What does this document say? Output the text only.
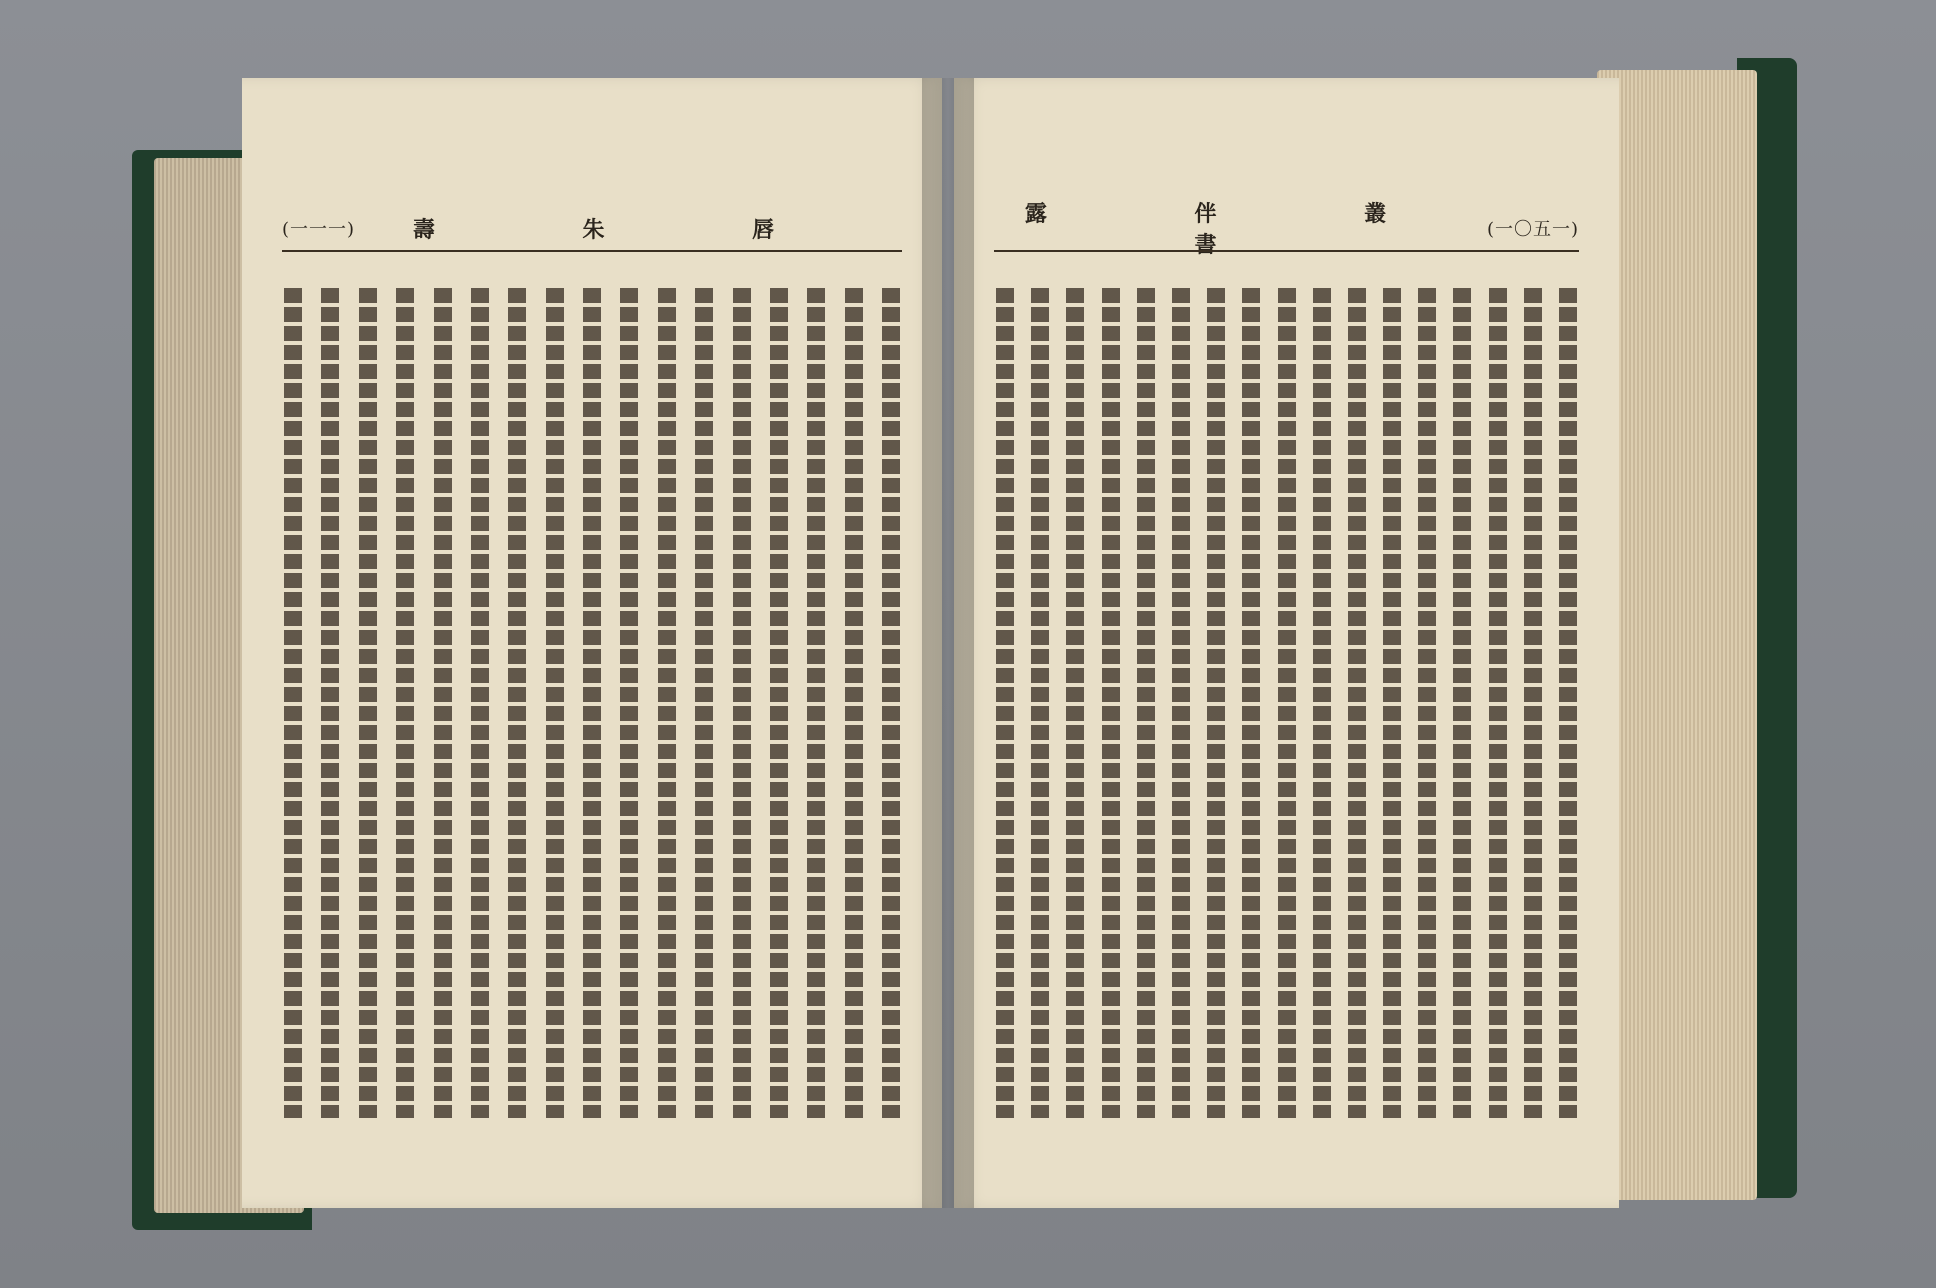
(一一一)	壽 朱 唇
露 伴 叢 書
(一〇五一)
